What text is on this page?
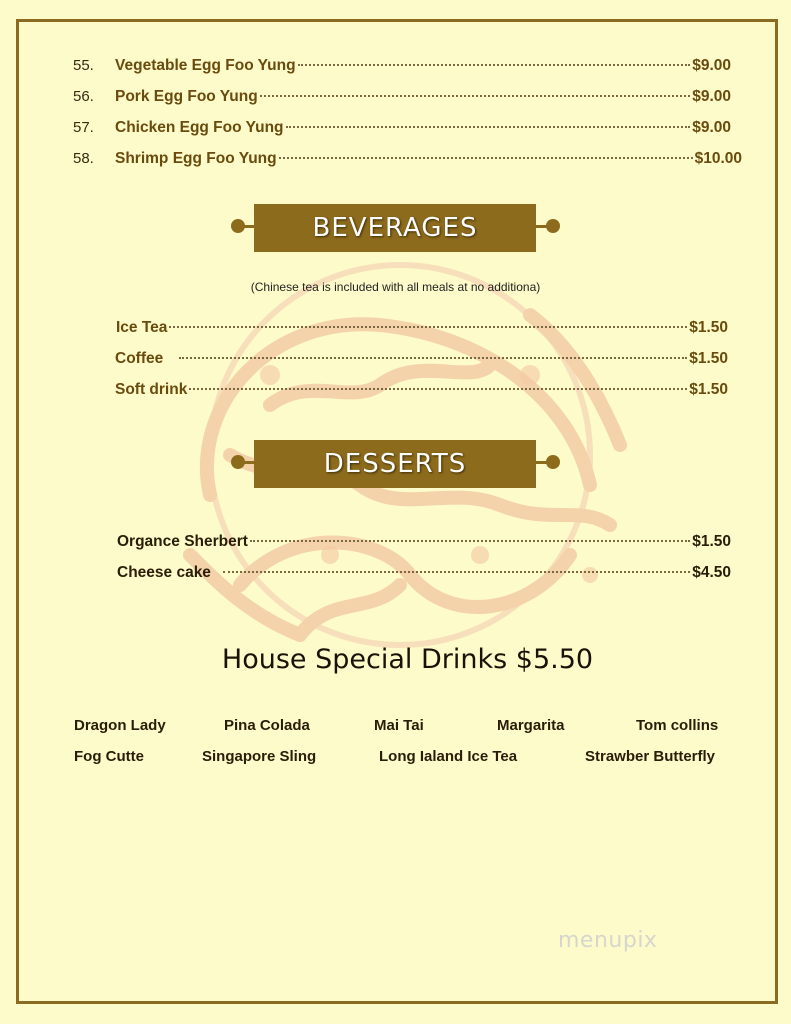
55.	Vegetable Egg Foo Yung	$9.00
56.	Pork Egg Foo Yung	$9.00
57.	Chicken Egg Foo Yung	$9.00
58.	Shrimp Egg Foo Yung	$10.00
BEVERAGES
(Chinese tea is included with all meals at no additiona)
Ice Tea	$1.50
Coffee	$1.50
Soft drink	$1.50
DESSERTS
Organce Sherbert	$1.50
Cheese cake	$4.50
House Special Drinks $5.50
Dragon Lady	Pina Colada	Mai Tai	Margarita	Tom collins
Fog Cutte	Singapore Sling	Long Ialand Ice Tea	Strawber Butterfly
menupix
